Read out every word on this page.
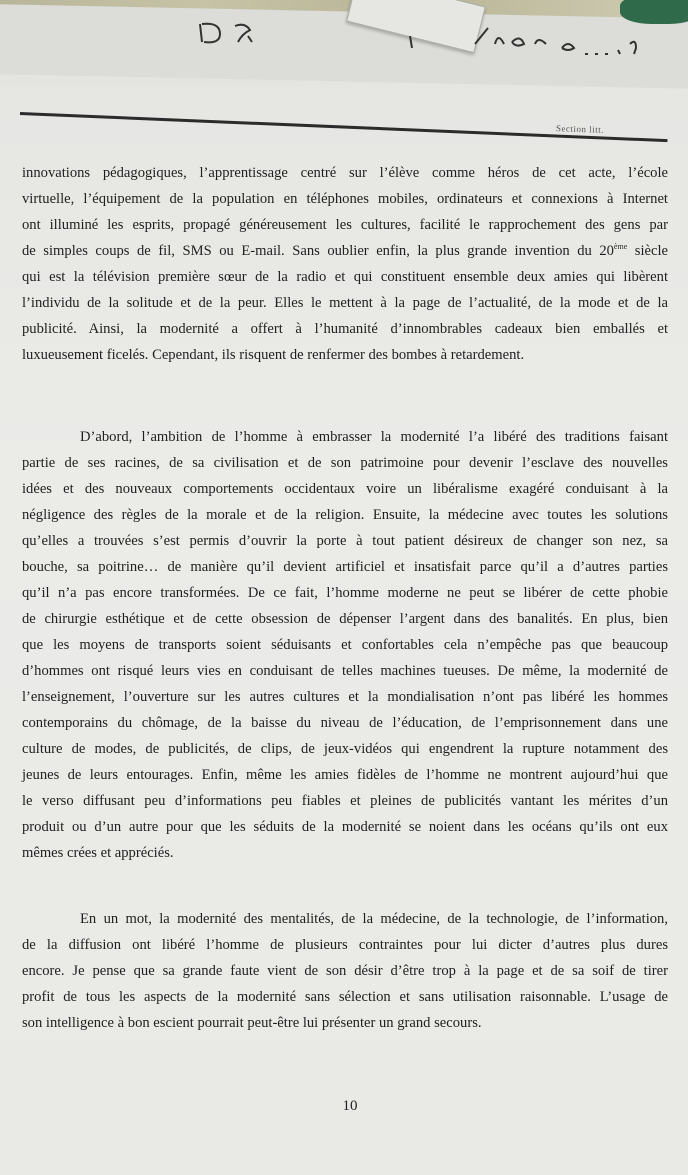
Section litt.
innovations pédagogiques, l’apprentissage centré sur l’élève comme héros de cet acte, l’école
virtuelle, l’équipement de la population en téléphones mobiles, ordinateurs et connexions à Internet
ont illuminé les esprits, propagé généreusement les cultures, facilité le rapprochement des gens par
de simples coups de fil, SMS ou E-mail. Sans oublier enfin, la plus grande invention du 20ème siècle
qui est la télévision première sœur de la radio et qui constituent ensemble deux amies qui libèrent
l’individu de la solitude et de la peur. Elles le mettent à la page de l’actualité, de la mode et de la
publicité. Ainsi, la modernité a offert à l’humanité d’innombrables cadeaux bien emballés et
luxueusement ficelés. Cependant, ils risquent de renfermer des bombes à retardement.
D’abord, l’ambition de l’homme à embrasser la modernité l’a libéré des traditions faisant
partie de ses racines, de sa civilisation et de son patrimoine pour devenir l’esclave des nouvelles
idées et des nouveaux comportements occidentaux voire un libéralisme exagéré conduisant à la
négligence des règles de la morale et de la religion. Ensuite, la médecine avec toutes les solutions
qu’elles a trouvées s’est permis d’ouvrir la porte à tout patient désireux de changer son nez, sa
bouche, sa poitrine… de manière qu’il devient artificiel et insatisfait parce qu’il a d’autres parties
qu’il n’a pas encore transformées. De ce fait, l’homme moderne ne peut se libérer de cette phobie
de chirurgie esthétique et de cette obsession de dépenser l’argent dans des banalités. En plus, bien
que les moyens de transports soient séduisants et confortables cela n’empêche pas que beaucoup
d’hommes ont risqué leurs vies en conduisant de telles machines tueuses. De même, la modernité de
l’enseignement, l’ouverture sur les autres cultures et la mondialisation n’ont pas libéré les hommes
contemporains du chômage, de la baisse du niveau de l’éducation, de l’emprisonnement dans une
culture de modes, de publicités, de clips, de jeux-vidéos qui engendrent la rupture notamment des
jeunes de leurs entourages. Enfin, même les amies fidèles de l’homme ne montrent aujourd’hui que
le verso diffusant peu d’informations peu fiables et pleines de publicités vantant les mérites d’un
produit ou d’un autre pour que les séduits de la modernité se noient dans les océans qu’ils ont eux
mêmes crées et appréciés.
En un mot, la modernité des mentalités, de la médecine, de la technologie, de l’information,
de la diffusion ont libéré l’homme de plusieurs contraintes pour lui dicter d’autres plus dures
encore. Je pense que sa grande faute vient de son désir d’être trop à la page et de sa soif de tirer
profit de tous les aspects de la modernité sans sélection et sans utilisation raisonnable. L’usage de
son intelligence à bon escient pourrait peut-être lui présenter un grand secours.
10
